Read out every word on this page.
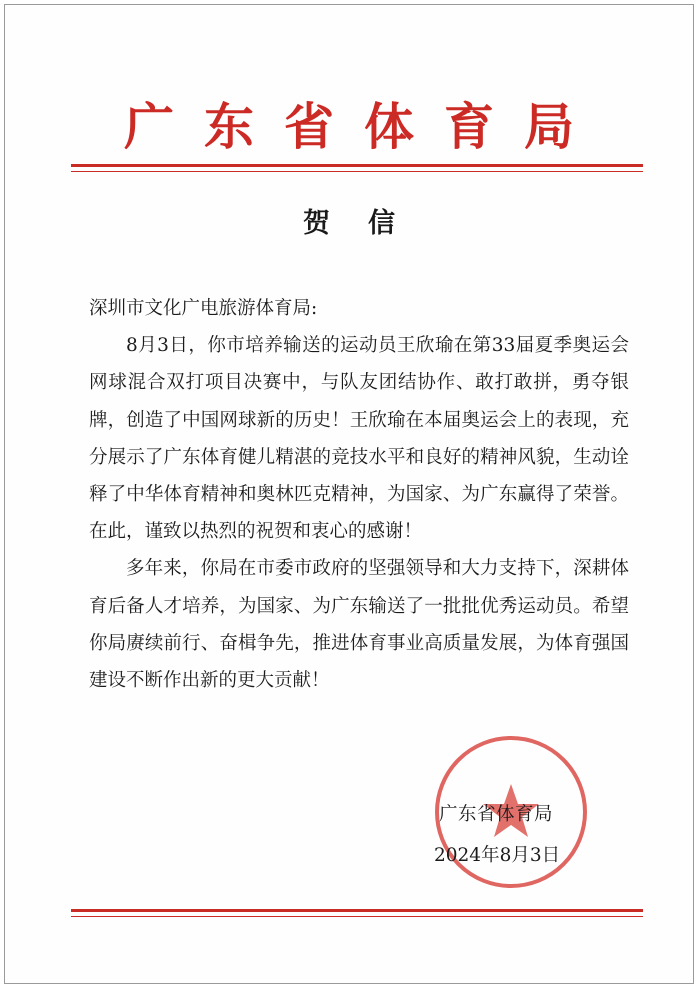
广东省体育局
贺信

深圳市文化广电旅游体育局:

8月3日，你市培养输送的运动员王欣瑜在第33届夏季奥运会网球混合双打项目决赛中，与队友团结协作、敢打敢拼，勇夺银牌，创造了中国网球新的历史！王欣瑜在本届奥运会上的表现，充分展示了广东体育健儿精湛的竞技水平和良好的精神风貌，生动诠释了中华体育精神和奥林匹克精神，为国家、为广东赢得了荣誉。在此，谨致以热烈的祝贺和衷心的感谢！

多年来，你局在市委市政府的坚强领导和大力支持下，深耕体育后备人才培养，为国家、为广东输送了一批批优秀运动员。希望你局赓续前行、奋楫争先，推进体育事业高质量发展，为体育强国建设不断作出新的更大贡献！

广东省体育局
2024年8月3日
